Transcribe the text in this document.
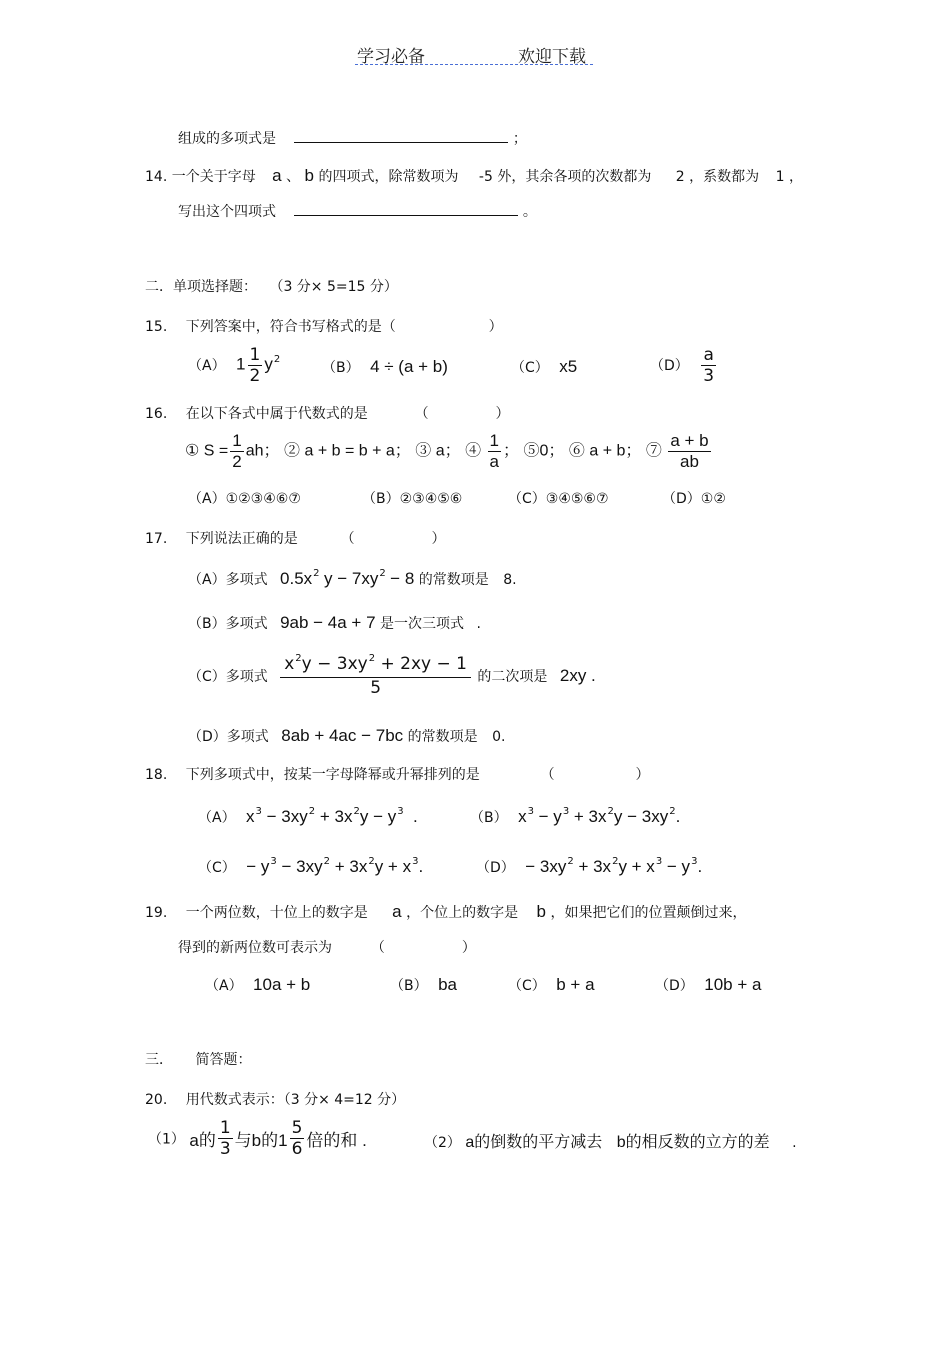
学习必备	欢迎下载
组成的多项式是	；
14. 一个关于字母 a 、 b 的四项式，除常数项为 -5 外，其余各项的次数都为 2 ，系数都为 1 ，
写出这个四项式	。
二．单项选择题： （3 分× 5=15 分）
15. 下列答案中，符合书写格式的是（	）
（A） $1 \frac{1}{2} y^2$
（B） 4 ÷ (a + b)	（C） x5	$(D) \frac{a}{3}$
16. 在以下各式中属于代数式的是	（	）
① $S = \frac{1}{2}$ ah； ② a + b = b + a； ③ a； ④ $\frac{1}{a}$ ； ⑤0； ⑥ a + b； ⑦ $\frac{a + b}{ab}$
（A）①②③④⑥⑦	（B）②③④⑤⑥	（C）③④⑤⑥⑦	（D）①②
17. 下列说法正确的是	（	）
（A）多项式 $0.5x^2$ $y - 7xy^2 - 8$ 的常数项是 8.
（B）多项式 9ab − 4a + 7 是一次三项式 .
（C）多项式 $\frac{x^2y - 3xy^2 + 2xy - 1}{5}$ 的二次项是 2xy .
（D）多项式 8ab + 4ac − 7bc 的常数项是 0.
18. 下列多项式中，按某一字母降幂或升幂排列的是	（	）
（A） $x^3 - 3xy^2 + 3x^2y - y^3$  .	（B） $x^3 - y^3 + 3x^2y - 3xy^2$.
$(C) - y^3 - 3xy^2 + 3x^2y + x^3$.	$(D) - 3xy^2 + 3x^2y + x^3 - y^3$.
19. 一个两位数，十位上的数字是 a ，个位上的数字是 b ，如果把它们的位置颠倒过来，
得到的新两位数可表示为	（	）
（A） 10a + b	（B） ba	（C） b + a	（D） 10b + a
三． 简答题：
20. 用代数式表示：（3 分× 4=12 分）
（1） a的 $\frac{1}{3}$ 与b的$1 \frac{5}{6}$ 倍的和 .	（2） a的倒数的平方减去 b的相反数的立方的差 .
